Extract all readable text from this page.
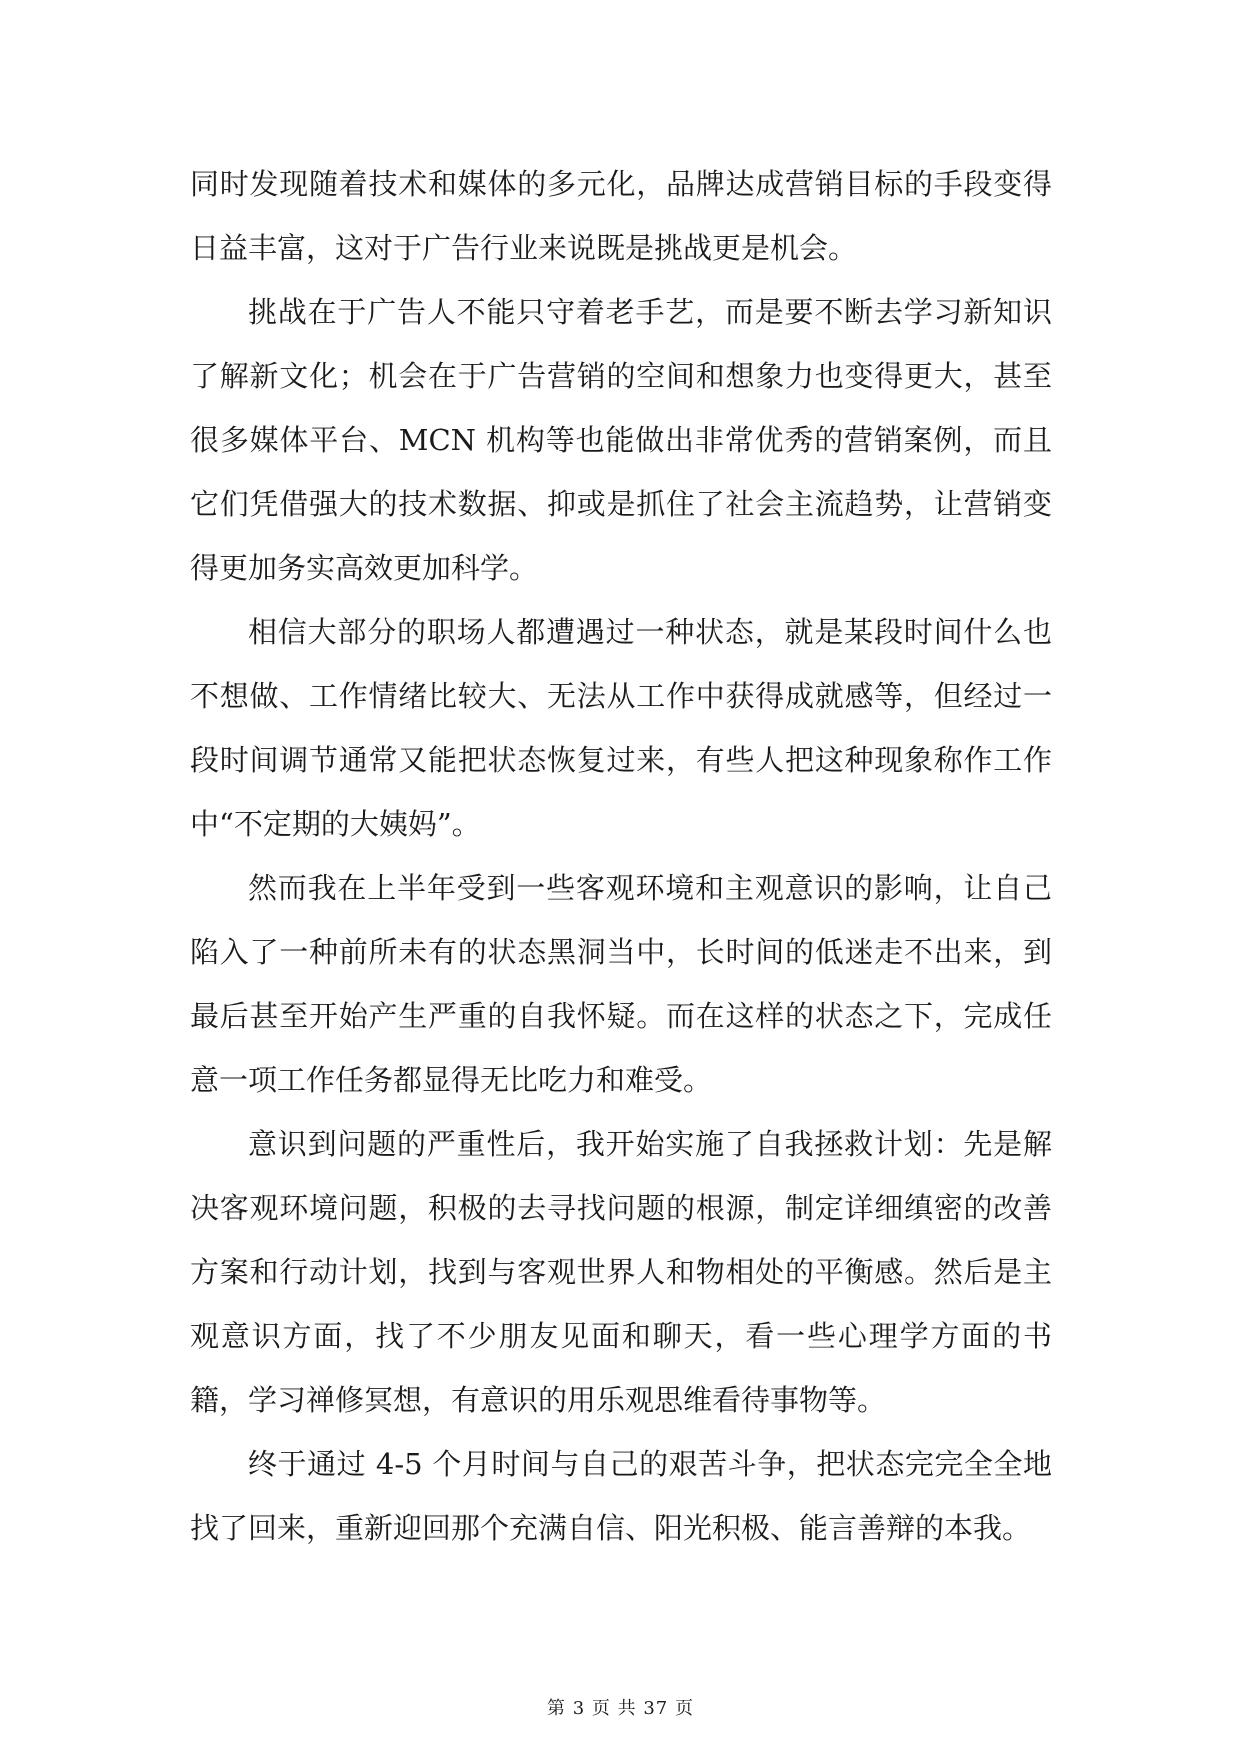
同时发现随着技术和媒体的多元化，品牌达成营销目标的手段变得日益丰富，这对于广告行业来说既是挑战更是机会。

挑战在于广告人不能只守着老手艺，而是要不断去学习新知识了解新文化；机会在于广告营销的空间和想象力也变得更大，甚至很多媒体平台、MCN 机构等也能做出非常优秀的营销案例，而且它们凭借强大的技术数据、抑或是抓住了社会主流趋势，让营销变得更加务实高效更加科学。

相信大部分的职场人都遭遇过一种状态，就是某段时间什么也不想做、工作情绪比较大、无法从工作中获得成就感等，但经过一段时间调节通常又能把状态恢复过来，有些人把这种现象称作工作中“不定期的大姨妈”。

然而我在上半年受到一些客观环境和主观意识的影响，让自己陷入了一种前所未有的状态黑洞当中，长时间的低迷走不出来，到最后甚至开始产生严重的自我怀疑。而在这样的状态之下，完成任意一项工作任务都显得无比吃力和难受。

意识到问题的严重性后，我开始实施了自我拯救计划：先是解决客观环境问题，积极的去寻找问题的根源，制定详细缜密的改善方案和行动计划，找到与客观世界人和物相处的平衡感。然后是主观意识方面，找了不少朋友见面和聊天，看一些心理学方面的书籍，学习禅修冥想，有意识的用乐观思维看待事物等。

终于通过 4-5 个月时间与自己的艰苦斗争，把状态完完全全地找了回来，重新迎回那个充满自信、阳光积极、能言善辩的本我。

第 3 页 共 37 页
